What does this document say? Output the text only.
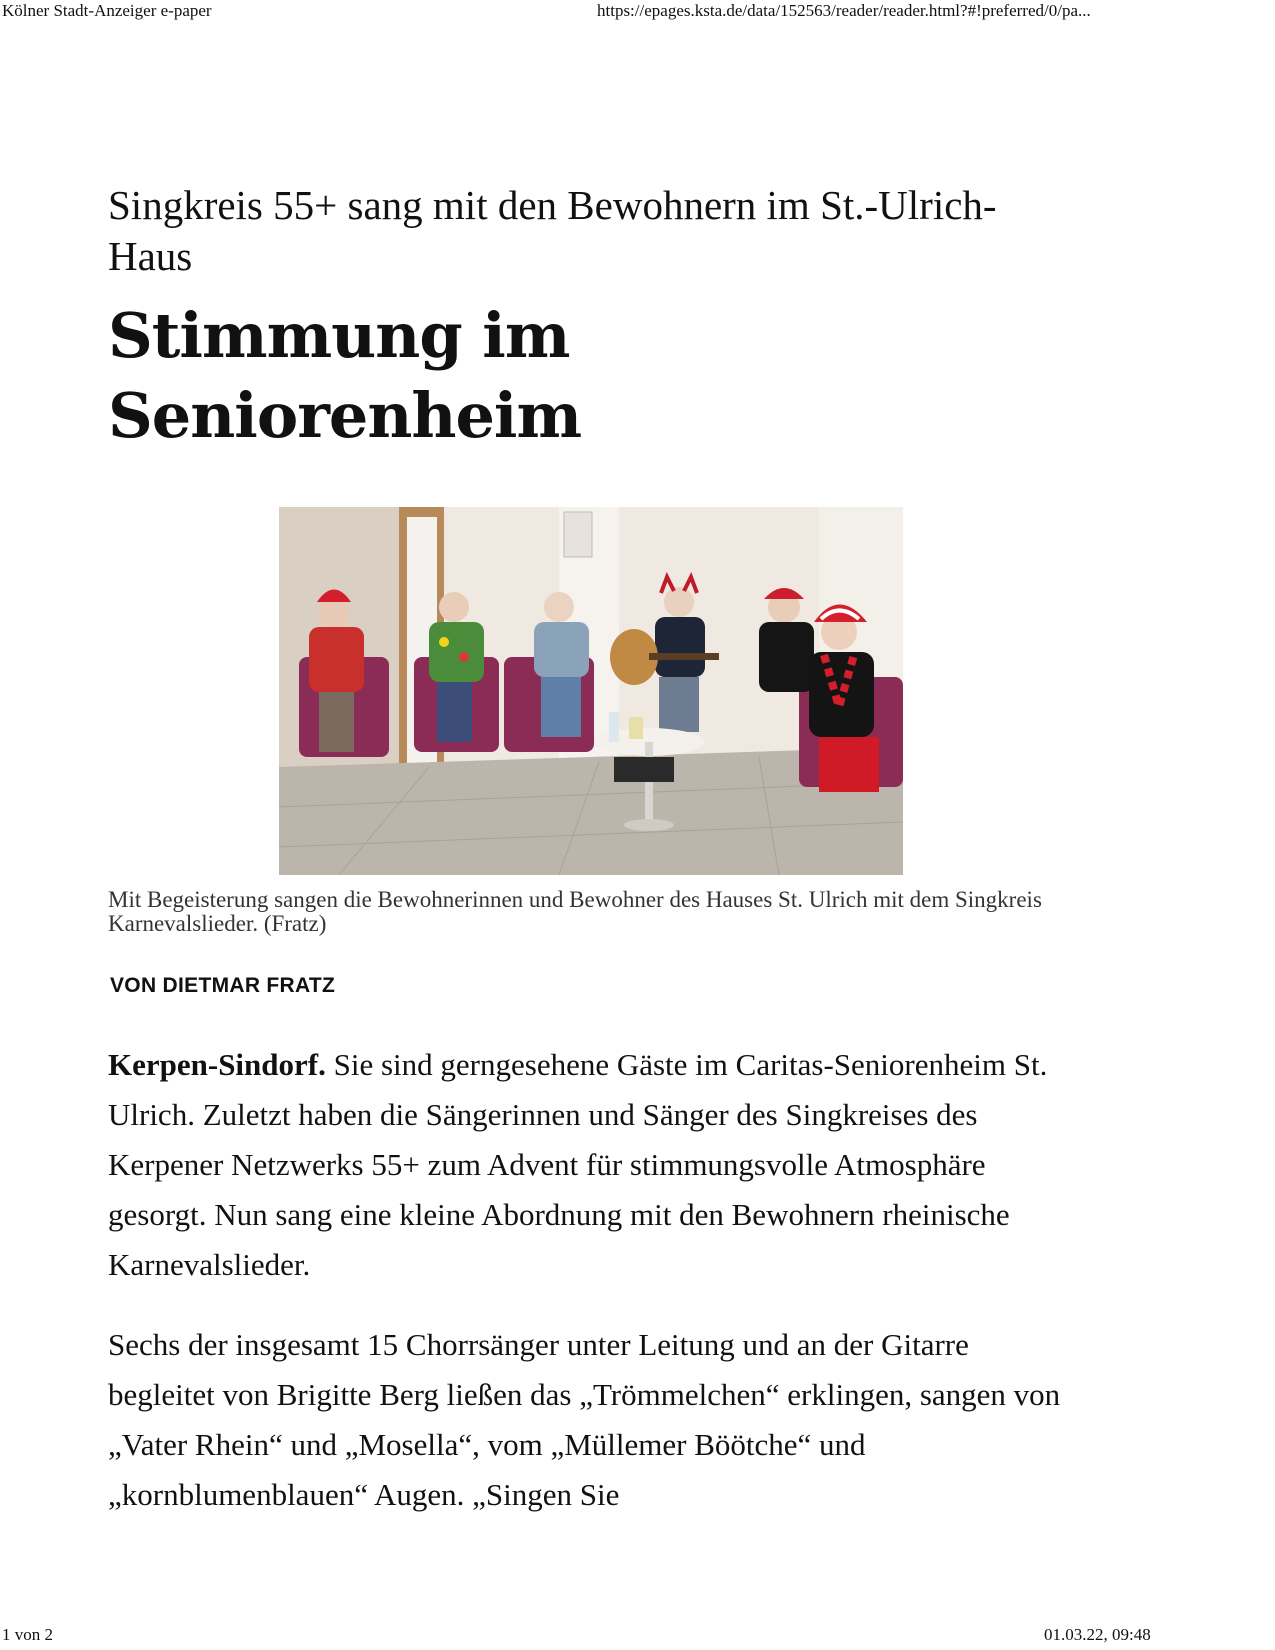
Kölner Stadt-Anzeiger e-paper	https://epages.ksta.de/data/152563/reader/reader.html?#!preferred/0/pa...
Singkreis 55+ sang mit den Bewohnern im St.-Ulrich-Haus
Stimmung im Seniorenheim
Mit Begeisterung sangen die Bewohnerinnen und Bewohner des Hauses St. Ulrich mit dem Singkreis Karnevalslieder. (Fratz)
VON DIETMAR FRATZ

Kerpen-Sindorf. Sie sind gerngesehene Gäste im Caritas-Seniorenheim St. Ulrich. Zuletzt haben die Sängerinnen und Sänger des Singkreises des Kerpener Netzwerks 55+ zum Advent für stimmungsvolle Atmosphäre gesorgt. Nun sang eine kleine Abordnung mit den Bewohnern rheinische Karnevalslieder.

Sechs der insgesamt 15 Chorrsänger unter Leitung und an der Gitarre begleitet von Brigitte Berg ließen das „Trömmelchen“ erklingen, sangen von „Vater Rhein“ und „Mosella“, vom „Müllemer Böötche“ und „kornblumenblauen“ Augen. „Singen Sie

1 von 2	01.03.22, 09:48
